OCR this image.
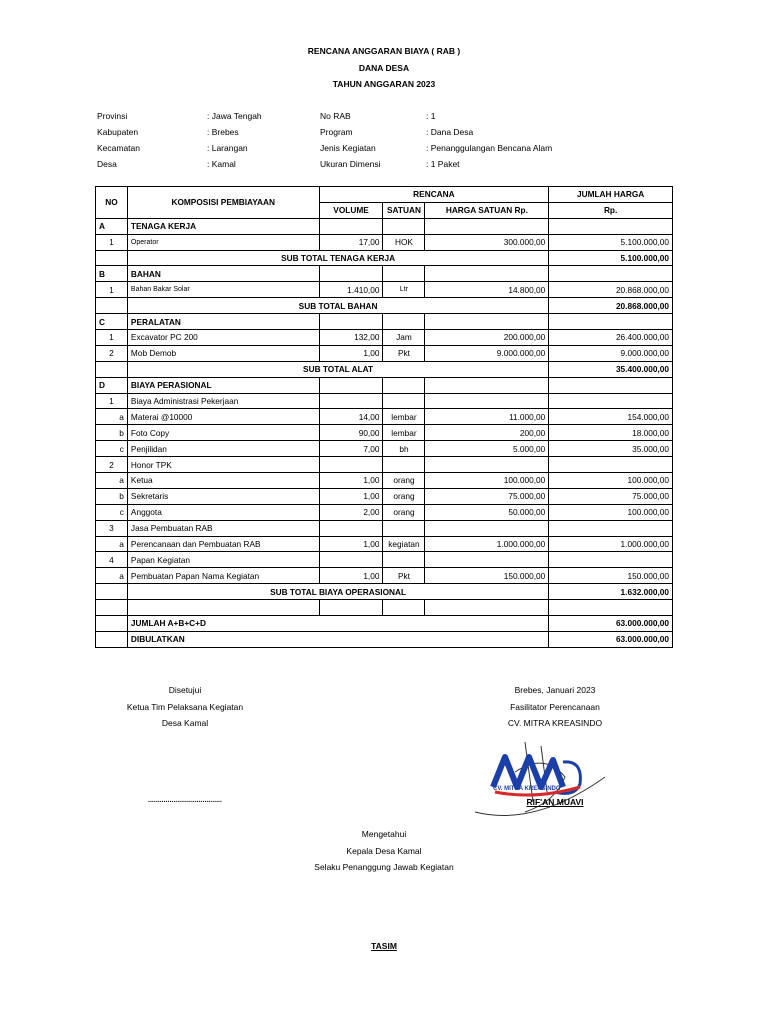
RENCANA ANGGARAN BIAYA ( RAB )
DANA DESA
TAHUN ANGGARAN 2023
Provinsi	: Jawa Tengah
Kabupaten	: Brebes
Kecamatan	: Larangan
Desa	: Kamal
No RAB	: 1
Program	: Dana Desa
Jenis Kegiatan	: Penanggulangan Bencana Alam
Ukuran Dimensi	: 1 Paket
NO	KOMPOSISI PEMBIAYAAN	RENCANA			JUMLAH HARGA
		VOLUME	SATUAN	HARGA SATUAN Rp.	Rp.
A	TENAGA KERJA				
1	Operator	17,00	HOK	300.000,00	5.100.000,00
	SUB TOTAL TENAGA KERJA				5.100.000,00
B	BAHAN				
1	Bahan Bakar Solar	1.410,00	Ltr	14.800,00	20.868.000,00
	SUB TOTAL BAHAN				20.868.000,00
C	PERALATAN				
1	Excavator PC 200	132,00	Jam	200.000,00	26.400.000,00
2	Mob Demob	1,00	Pkt	9.000.000,00	9.000.000,00
	SUB TOTAL ALAT				35.400.000,00
D	BIAYA PERASIONAL				
1	Biaya Administrasi Pekerjaan				
a	Materai @10000	14,00	lembar	11.000,00	154.000,00
b	Foto Copy	90,00	lembar	200,00	18.000,00
c	Penjilidan	7,00	bh	5.000,00	35.000,00
2	Honor TPK				
a	Ketua	1,00	orang	100.000,00	100.000,00
b	Sekretaris	1,00	orang	75.000,00	75.000,00
c	Anggota	2,00	orang	50.000,00	100.000,00
3	Jasa Pembuatan RAB				
a	Perencanaan dan Pembuatan RAB	1,00	kegiatan	1.000.000,00	1.000.000,00
4	Papan Kegiatan				
a	Pembuatan Papan Nama Kegiatan	1,00	Pkt	150.000,00	150.000,00
	SUB TOTAL BIAYA OPERASIONAL				1.632.000,00

	JUMLAH A+B+C+D				63.000.000,00
	DIBULATKAN				63.000.000,00
Disetujui
Ketua Tim Pelaksana Kegiatan
Desa Kamal
......................................
Brebes, Januari 2023
Fasilitator Perencanaan
CV. MITRA KREASINDO
CV. MITRA KREASINDO
RIF'AN MUAVI
Mengetahui
Kepala Desa Kamal
Selaku Penanggung Jawab Kegiatan
TASIM
